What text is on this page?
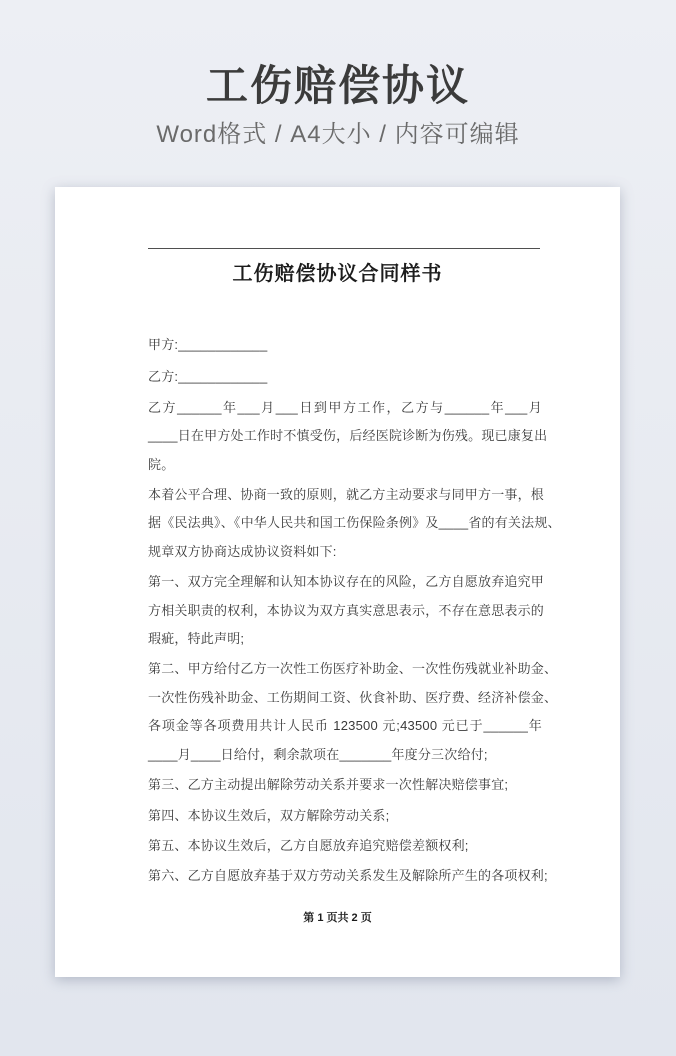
工伤赔偿协议
Word格式 / A4大小 / 内容可编辑
工伤赔偿协议合同样书
甲方:____________
乙方:____________
乙方______年___月___日到甲方工作，乙方与______年___月
____日在甲方处工作时不慎受伤，后经医院诊断为伤残。现已康复出
院。
本着公平合理、协商一致的原则，就乙方主动要求与同甲方一事，根
据《民法典》、《中华人民共和国工伤保险条例》及____省的有关法规、
规章双方协商达成协议资料如下:
第一、双方完全理解和认知本协议存在的风险，乙方自愿放弃追究甲
方相关职责的权利，本协议为双方真实意思表示，不存在意思表示的
瑕疵，特此声明;
第二、甲方给付乙方一次性工伤医疗补助金、一次性伤残就业补助金、
一次性伤残补助金、工伤期间工资、伙食补助、医疗费、经济补偿金、
各项金等各项费用共计人民币 123500 元;43500 元已于______年
____月____日给付，剩余款项在_______年度分三次给付;
第三、乙方主动提出解除劳动关系并要求一次性解决赔偿事宜;
第四、本协议生效后，双方解除劳动关系;
第五、本协议生效后，乙方自愿放弃追究赔偿差额权利;
第六、乙方自愿放弃基于双方劳动关系发生及解除所产生的各项权利;
第 1 页共 2 页
